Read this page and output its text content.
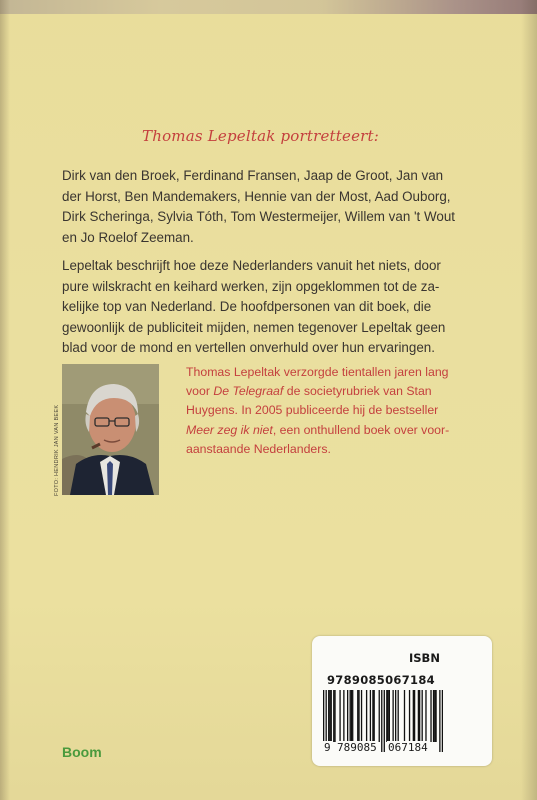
Thomas Lepeltak portretteert:
Dirk van den Broek, Ferdinand Fransen, Jaap de Groot, Jan van
der Horst, Ben Mandemakers, Hennie van der Most, Aad Ouborg,
Dirk Scheringa, Sylvia Tóth, Tom Westermeijer, Willem van 't Wout
en Jo Roelof Zeeman.
Lepeltak beschrijft hoe deze Nederlanders vanuit het niets, door
pure wilskracht en keihard werken, zijn opgeklommen tot de za-
kelijke top van Nederland. De hoofdpersonen van dit boek, die
gewoonlijk de publiciteit mijden, nemen tegenover Lepeltak geen
blad voor de mond en vertellen onverhuld over hun ervaringen.
FOTO: HENDRIK JAN VAN BEEK
Thomas Lepeltak verzorgde tientallen jaren lang
voor De Telegraaf de societyrubriek van Stan
Huygens. In 2005 publiceerde hij de bestseller
Meer zeg ik niet, een onthullend boek over voor-
aanstaande Nederlanders.
ISBN
9789085067184
9 789085 067184
Boom
